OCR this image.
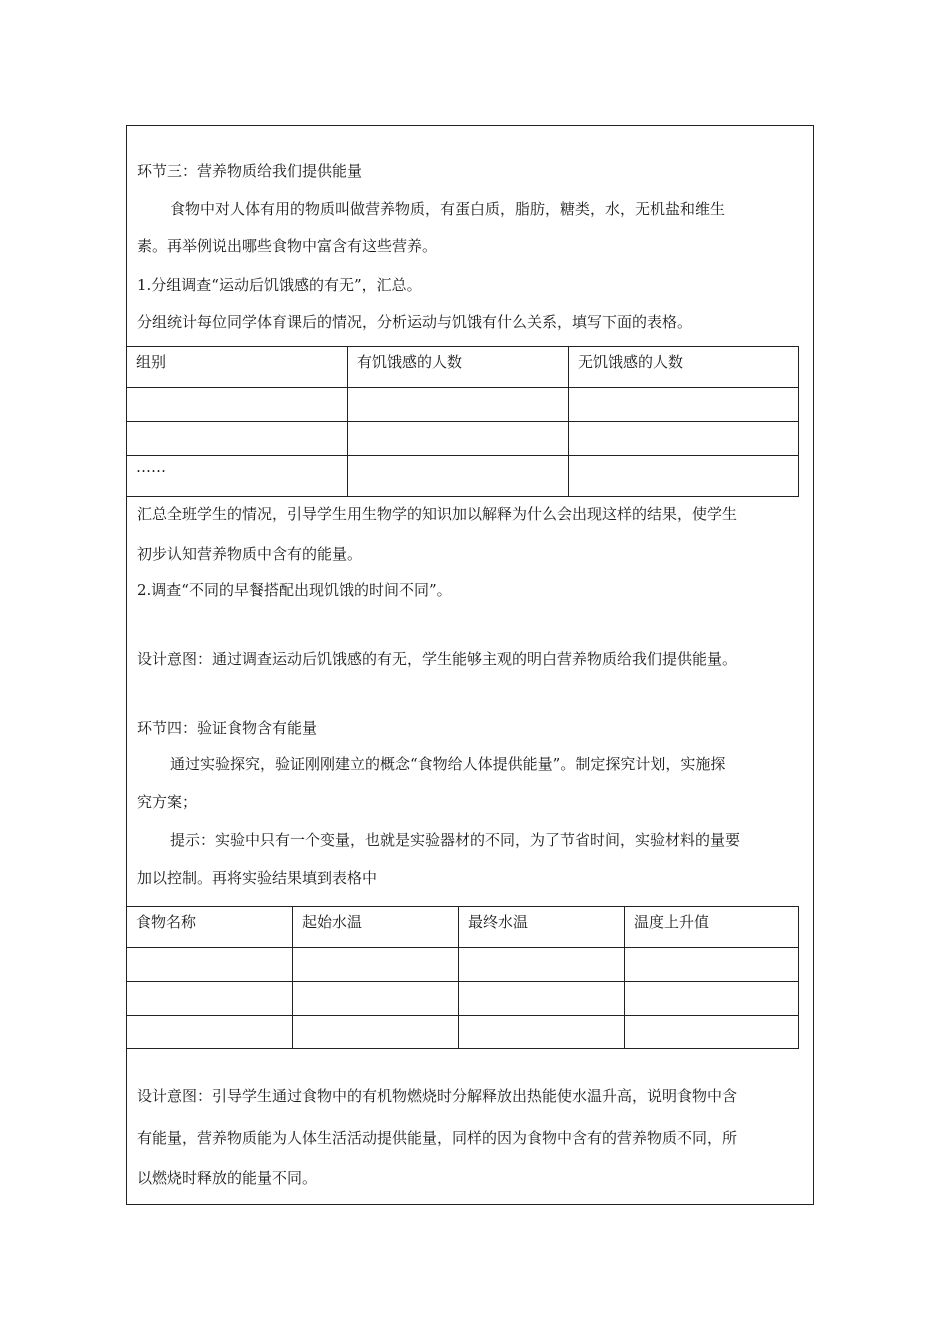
环节三：营养物质给我们提供能量
食物中对人体有用的物质叫做营养物质，有蛋白质，脂肪，糖类，水，无机盐和维生
素。再举例说出哪些食物中富含有这些营养。
1.分组调查“运动后饥饿感的有无”，汇总。
分组统计每位同学体育课后的情况，分析运动与饥饿有什么关系，填写下面的表格。
组别	有饥饿感的人数	无饥饿感的人数

……		

汇总全班学生的情况，引导学生用生物学的知识加以解释为什么会出现这样的结果，使学生
初步认知营养物质中含有的能量。
2.调查“不同的早餐搭配出现饥饿的时间不同”。
设计意图：通过调查运动后饥饿感的有无，学生能够主观的明白营养物质给我们提供能量。
环节四：验证食物含有能量
通过实验探究，验证刚刚建立的概念“食物给人体提供能量”。制定探究计划，实施探
究方案；
提示：实验中只有一个变量，也就是实验器材的不同，为了节省时间，实验材料的量要
加以控制。再将实验结果填到表格中
食物名称	起始水温	最终水温	温度上升值

设计意图：引导学生通过食物中的有机物燃烧时分解释放出热能使水温升高，说明食物中含
有能量，营养物质能为人体生活活动提供能量，同样的因为食物中含有的营养物质不同，所
以燃烧时释放的能量不同。
